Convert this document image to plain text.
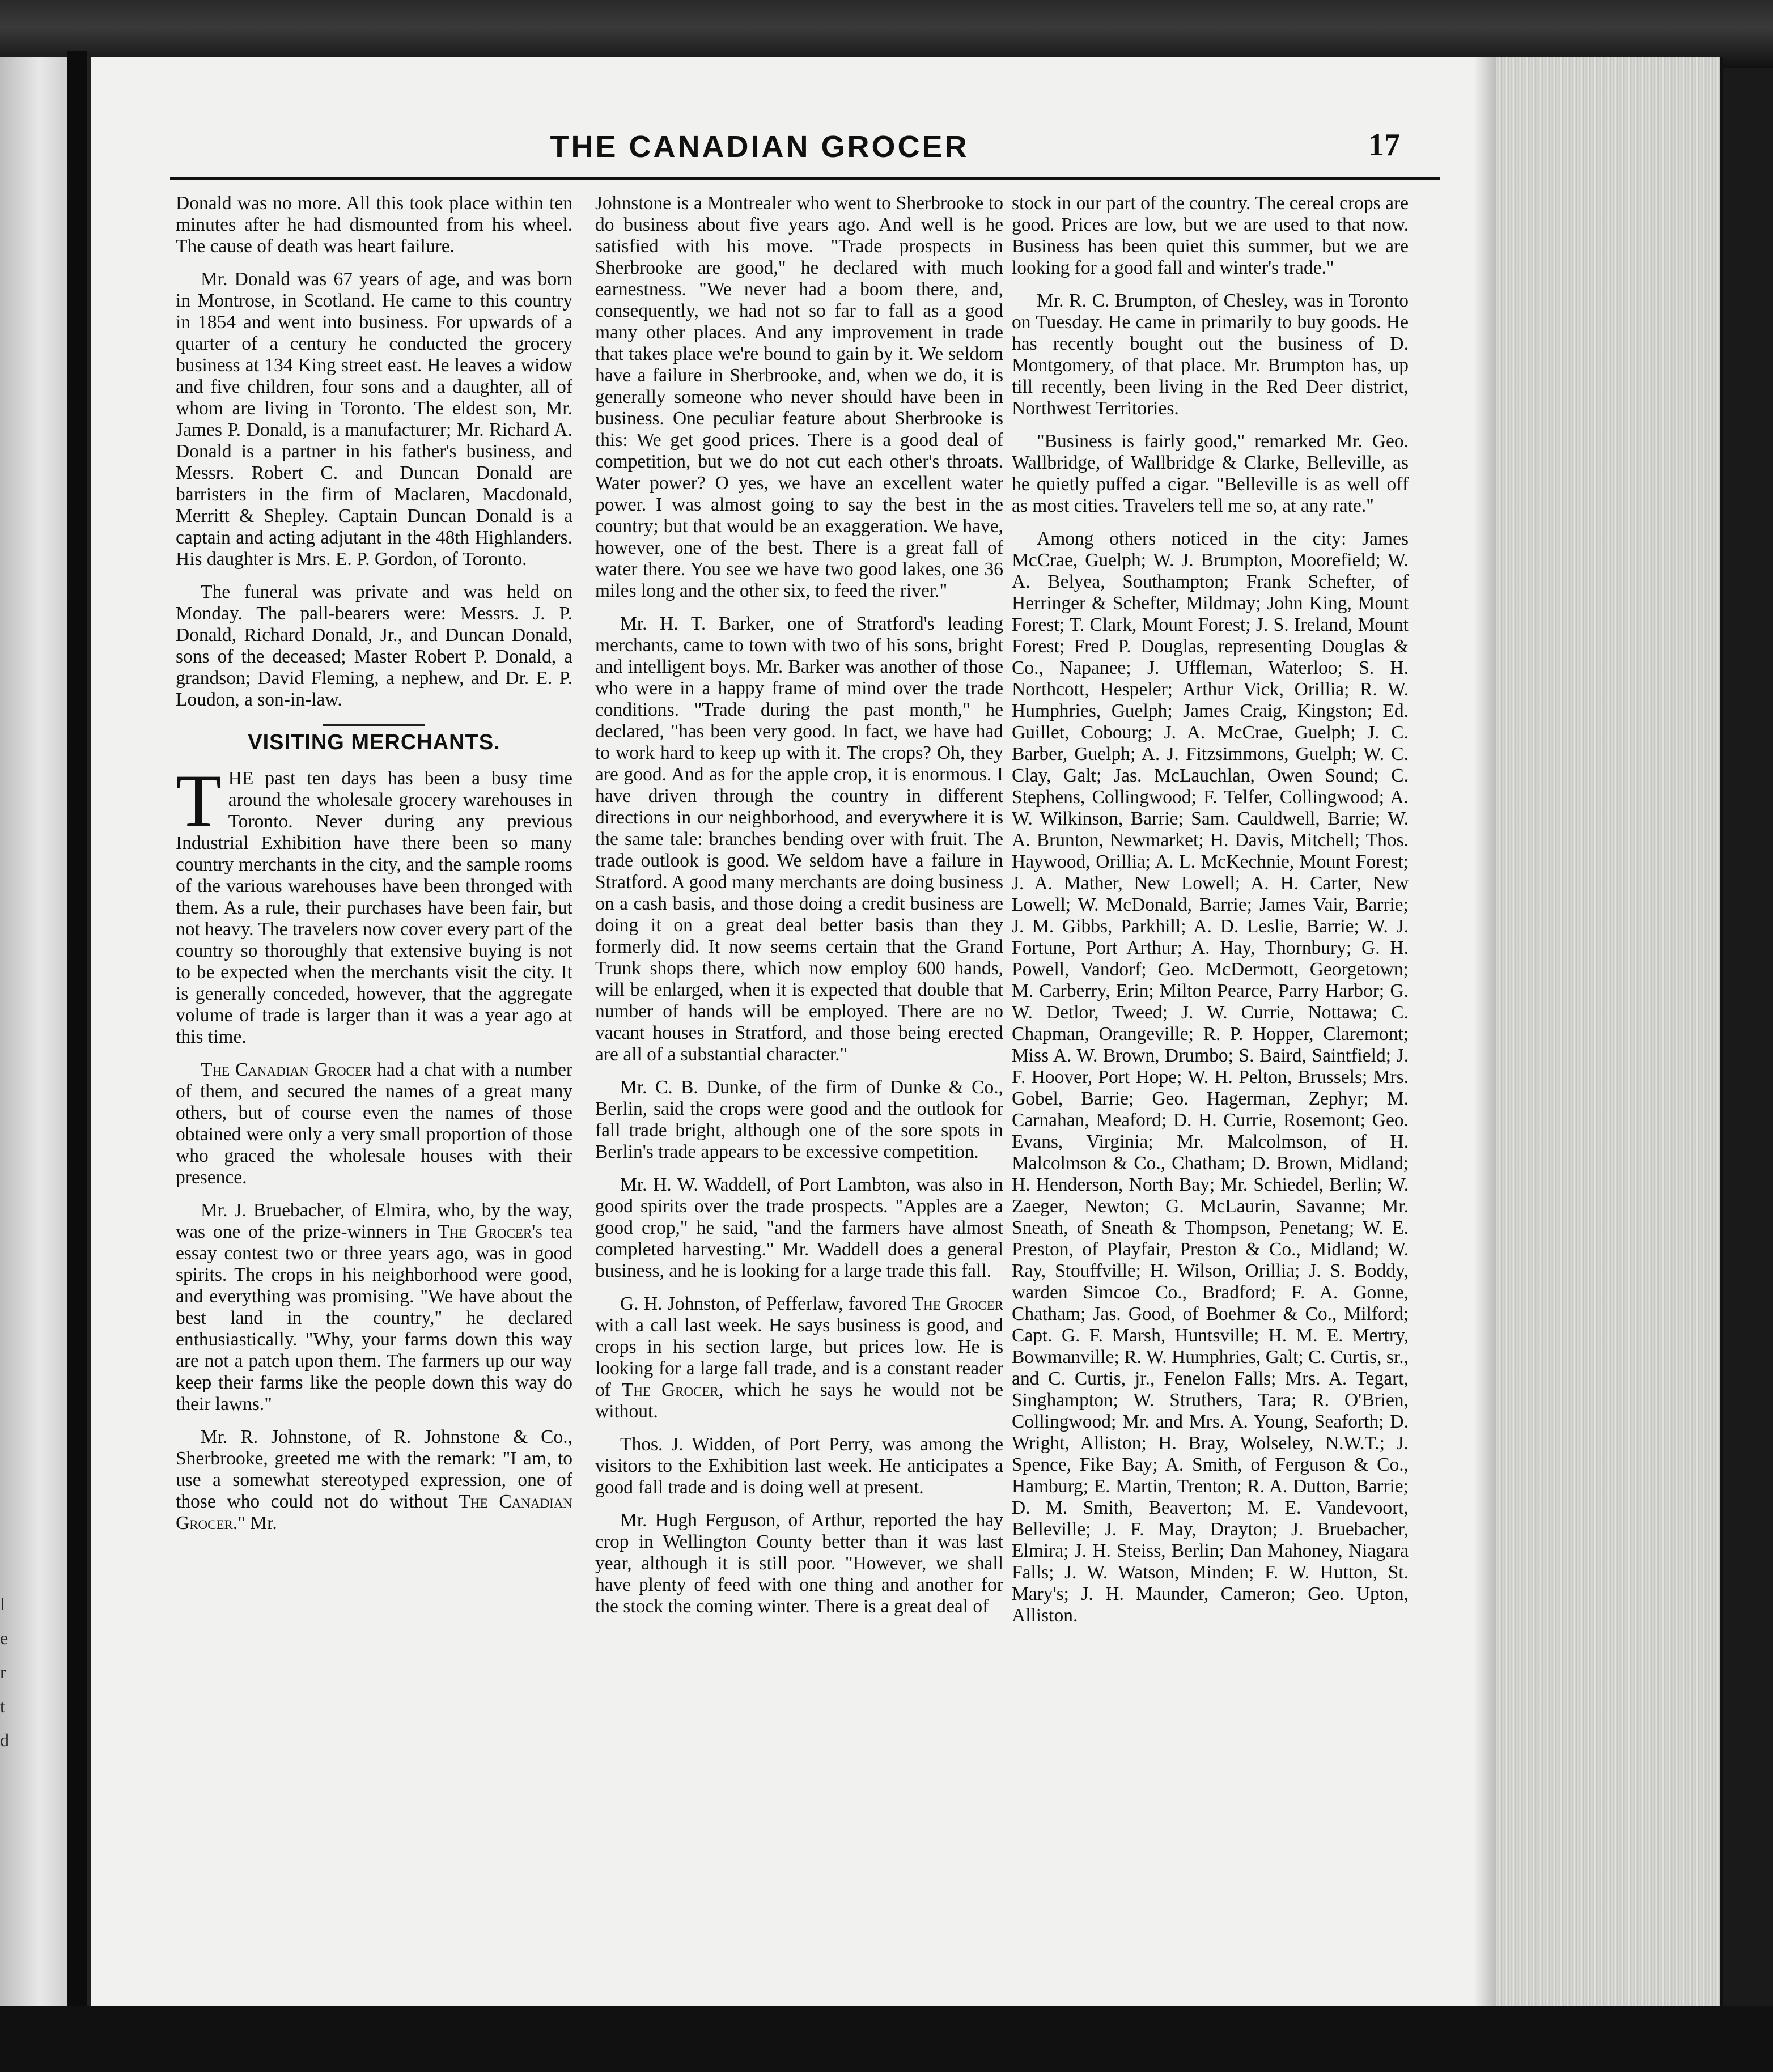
l
e
r
t
d
THE CANADIAN GROCER	17

Donald was no more. All this took place within ten minutes after he had dismounted from his wheel. The cause of death was heart failure.

Mr. Donald was 67 years of age, and was born in Montrose, in Scotland. He came to this country in 1854 and went into business. For upwards of a quarter of a century he conducted the grocery business at 134 King street east. He leaves a widow and five children, four sons and a daughter, all of whom are living in Toronto. The eldest son, Mr. James P. Donald, is a manufacturer; Mr. Richard A. Donald is a partner in his father's business, and Messrs. Robert C. and Duncan Donald are barristers in the firm of Maclaren, Macdonald, Merritt & Shepley. Captain Duncan Donald is a captain and acting adjutant in the 48th Highlanders. His daughter is Mrs. E. P. Gordon, of Toronto.

The funeral was private and was held on Monday. The pall-bearers were: Messrs. J. P. Donald, Richard Donald, Jr., and Duncan Donald, sons of the deceased; Master Robert P. Donald, a grandson; David Fleming, a nephew, and Dr. E. P. Loudon, a son-in-law.

VISITING MERCHANTS.

THE past ten days has been a busy time around the wholesale grocery warehouses in Toronto. Never during any previous Industrial Exhibition have there been so many country merchants in the city, and the sample rooms of the various warehouses have been thronged with them. As a rule, their purchases have been fair, but not heavy. The travelers now cover every part of the country so thoroughly that extensive buying is not to be expected when the merchants visit the city. It is generally conceded, however, that the aggregate volume of trade is larger than it was a year ago at this time.

The Canadian Grocer had a chat with a number of them, and secured the names of a great many others, but of course even the names of those obtained were only a very small proportion of those who graced the wholesale houses with their presence.

Mr. J. Bruebacher, of Elmira, who, by the way, was one of the prize-winners in The Grocer's tea essay contest two or three years ago, was in good spirits. The crops in his neighborhood were good, and everything was promising. "We have about the best land in the country," he declared enthusiastically. "Why, your farms down this way are not a patch upon them. The farmers up our way keep their farms like the people down this way do their lawns."

Mr. R. Johnstone, of R. Johnstone & Co., Sherbrooke, greeted me with the remark: "I am, to use a somewhat stereotyped expression, one of those who could not do without The Canadian Grocer." Mr.

Johnstone is a Montrealer who went to Sherbrooke to do business about five years ago. And well is he satisfied with his move. "Trade prospects in Sherbrooke are good," he declared with much earnestness. "We never had a boom there, and, consequently, we had not so far to fall as a good many other places. And any improvement in trade that takes place we're bound to gain by it. We seldom have a failure in Sherbrooke, and, when we do, it is generally someone who never should have been in business. One peculiar feature about Sherbrooke is this: We get good prices. There is a good deal of competition, but we do not cut each other's throats. Water power? O yes, we have an excellent water power. I was almost going to say the best in the country; but that would be an exaggeration. We have, however, one of the best. There is a great fall of water there. You see we have two good lakes, one 36 miles long and the other six, to feed the river."

Mr. H. T. Barker, one of Stratford's leading merchants, came to town with two of his sons, bright and intelligent boys. Mr. Barker was another of those who were in a happy frame of mind over the trade conditions. "Trade during the past month," he declared, "has been very good. In fact, we have had to work hard to keep up with it. The crops? Oh, they are good. And as for the apple crop, it is enormous. I have driven through the country in different directions in our neighborhood, and everywhere it is the same tale: branches bending over with fruit. The trade outlook is good. We seldom have a failure in Stratford. A good many merchants are doing business on a cash basis, and those doing a credit business are doing it on a great deal better basis than they formerly did. It now seems certain that the Grand Trunk shops there, which now employ 600 hands, will be enlarged, when it is expected that double that number of hands will be employed. There are no vacant houses in Stratford, and those being erected are all of a substantial character."

Mr. C. B. Dunke, of the firm of Dunke & Co., Berlin, said the crops were good and the outlook for fall trade bright, although one of the sore spots in Berlin's trade appears to be excessive competition.

Mr. H. W. Waddell, of Port Lambton, was also in good spirits over the trade prospects. "Apples are a good crop," he said, "and the farmers have almost completed harvesting." Mr. Waddell does a general business, and he is looking for a large trade this fall.

G. H. Johnston, of Pefferlaw, favored The Grocer with a call last week. He says business is good, and crops in his section large, but prices low. He is looking for a large fall trade, and is a constant reader of The Grocer, which he says he would not be without.

Thos. J. Widden, of Port Perry, was among the visitors to the Exhibition last week. He anticipates a good fall trade and is doing well at present.

Mr. Hugh Ferguson, of Arthur, reported the hay crop in Wellington County better than it was last year, although it is still poor. "However, we shall have plenty of feed with one thing and another for the stock the coming winter. There is a great deal of

stock in our part of the country. The cereal crops are good. Prices are low, but we are used to that now. Business has been quiet this summer, but we are looking for a good fall and winter's trade."

Mr. R. C. Brumpton, of Chesley, was in Toronto on Tuesday. He came in primarily to buy goods. He has recently bought out the business of D. Montgomery, of that place. Mr. Brumpton has, up till recently, been living in the Red Deer district, Northwest Territories.

"Business is fairly good," remarked Mr. Geo. Wallbridge, of Wallbridge & Clarke, Belleville, as he quietly puffed a cigar. "Belleville is as well off as most cities. Travelers tell me so, at any rate."

Among others noticed in the city: James McCrae, Guelph; W. J. Brumpton, Moorefield; W. A. Belyea, Southampton; Frank Schefter, of Herringer & Schefter, Mildmay; John King, Mount Forest; T. Clark, Mount Forest; J. S. Ireland, Mount Forest; Fred P. Douglas, representing Douglas & Co., Napanee; J. Uffleman, Waterloo; S. H. Northcott, Hespeler; Arthur Vick, Orillia; R. W. Humphries, Guelph; James Craig, Kingston; Ed. Guillet, Cobourg; J. A. McCrae, Guelph; J. C. Barber, Guelph; A. J. Fitzsimmons, Guelph; W. C. Clay, Galt; Jas. McLauchlan, Owen Sound; C. Stephens, Collingwood; F. Telfer, Collingwood; A. W. Wilkinson, Barrie; Sam. Cauldwell, Barrie; W. A. Brunton, Newmarket; H. Davis, Mitchell; Thos. Haywood, Orillia; A. L. McKechnie, Mount Forest; J. A. Mather, New Lowell; A. H. Carter, New Lowell; W. McDonald, Barrie; James Vair, Barrie; J. M. Gibbs, Parkhill; A. D. Leslie, Barrie; W. J. Fortune, Port Arthur; A. Hay, Thornbury; G. H. Powell, Vandorf; Geo. McDermott, Georgetown; M. Carberry, Erin; Milton Pearce, Parry Harbor; G. W. Detlor, Tweed; J. W. Currie, Nottawa; C. Chapman, Orangeville; R. P. Hopper, Claremont; Miss A. W. Brown, Drumbo; S. Baird, Saintfield; J. F. Hoover, Port Hope; W. H. Pelton, Brussels; Mrs. Gobel, Barrie; Geo. Hagerman, Zephyr; M. Carnahan, Meaford; D. H. Currie, Rosemont; Geo. Evans, Virginia; Mr. Malcolmson, of H. Malcolmson & Co., Chatham; D. Brown, Midland; H. Henderson, North Bay; Mr. Schiedel, Berlin; W. Zaeger, Newton; G. McLaurin, Savanne; Mr. Sneath, of Sneath & Thompson, Penetang; W. E. Preston, of Playfair, Preston & Co., Midland; W. Ray, Stouffville; H. Wilson, Orillia; J. S. Boddy, warden Simcoe Co., Bradford; F. A. Gonne, Chatham; Jas. Good, of Boehmer & Co., Milford; Capt. G. F. Marsh, Huntsville; H. M. E. Mertry, Bowmanville; R. W. Humphries, Galt; C. Curtis, sr., and C. Curtis, jr., Fenelon Falls; Mrs. A. Tegart, Singhampton; W. Struthers, Tara; R. O'Brien, Collingwood; Mr. and Mrs. A. Young, Seaforth; D. Wright, Alliston; H. Bray, Wolseley, N.W.T.; J. Spence, Fike Bay; A. Smith, of Ferguson & Co., Hamburg; E. Martin, Trenton; R. A. Dutton, Barrie; D. M. Smith, Beaverton; M. E. Vandevoort, Belleville; J. F. May, Drayton; J. Bruebacher, Elmira; J. H. Steiss, Berlin; Dan Mahoney, Niagara Falls; J. W. Watson, Minden; F. W. Hutton, St. Mary's; J. H. Maunder, Cameron; Geo. Upton, Alliston.
